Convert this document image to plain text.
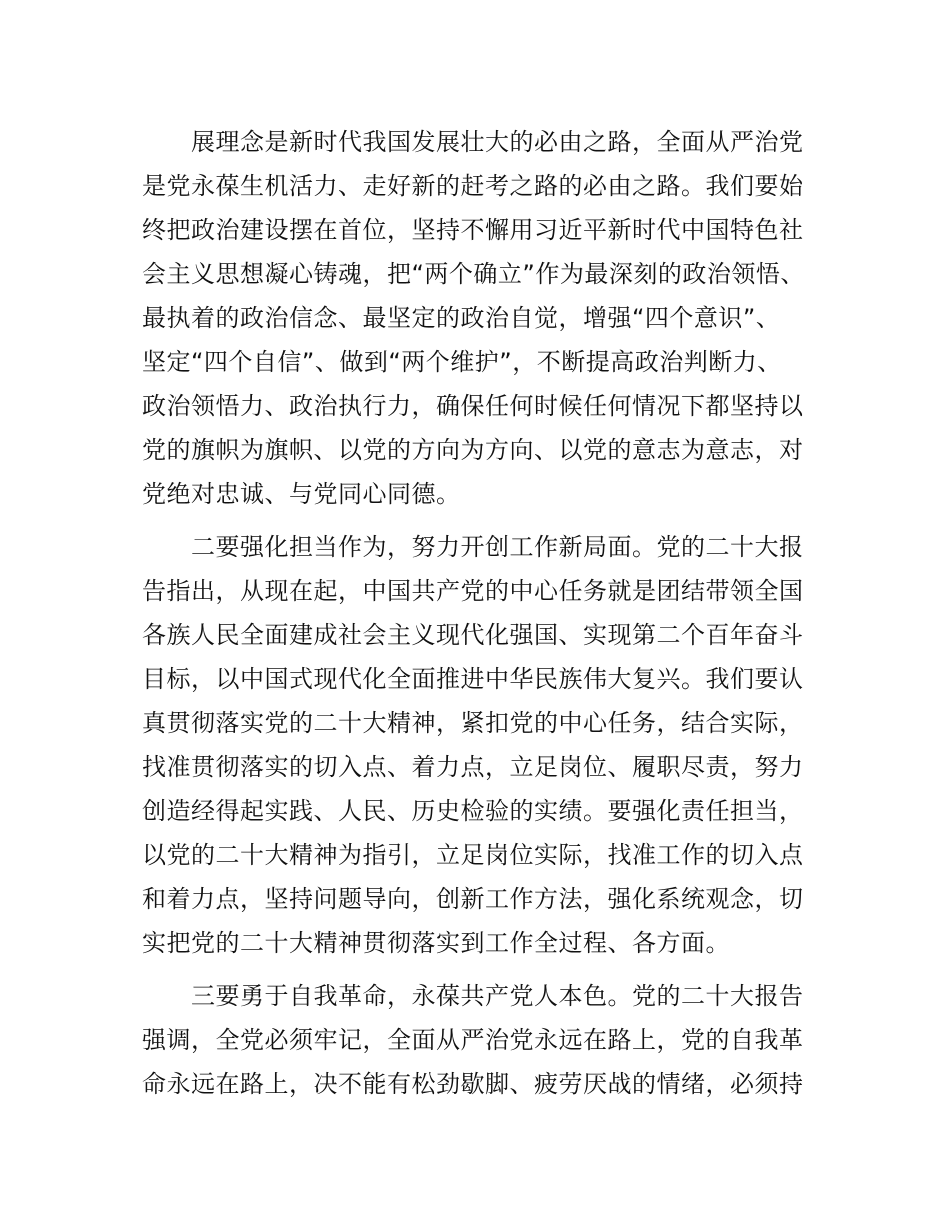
　　展理念是新时代我国发展壮大的必由之路，全面从严治党
是党永葆生机活力、走好新的赶考之路的必由之路。我们要始
终把政治建设摆在首位，坚持不懈用习近平新时代中国特色社
会主义思想凝心铸魂，把“两个确立”作为最深刻的政治领悟、
最执着的政治信念、最坚定的政治自觉，增强“四个意识”、
坚定“四个自信”、做到“两个维护”，不断提高政治判断力、
政治领悟力、政治执行力，确保任何时候任何情况下都坚持以
党的旗帜为旗帜、以党的方向为方向、以党的意志为意志，对
党绝对忠诚、与党同心同德。

　　二要强化担当作为，努力开创工作新局面。党的二十大报
告指出，从现在起，中国共产党的中心任务就是团结带领全国
各族人民全面建成社会主义现代化强国、实现第二个百年奋斗
目标，以中国式现代化全面推进中华民族伟大复兴。我们要认
真贯彻落实党的二十大精神，紧扣党的中心任务，结合实际，
找准贯彻落实的切入点、着力点，立足岗位、履职尽责，努力
创造经得起实践、人民、历史检验的实绩。要强化责任担当，
以党的二十大精神为指引，立足岗位实际，找准工作的切入点
和着力点，坚持问题导向，创新工作方法，强化系统观念，切
实把党的二十大精神贯彻落实到工作全过程、各方面。

　　三要勇于自我革命，永葆共产党人本色。党的二十大报告
强调，全党必须牢记，全面从严治党永远在路上，党的自我革
命永远在路上，决不能有松劲歇脚、疲劳厌战的情绪，必须持
